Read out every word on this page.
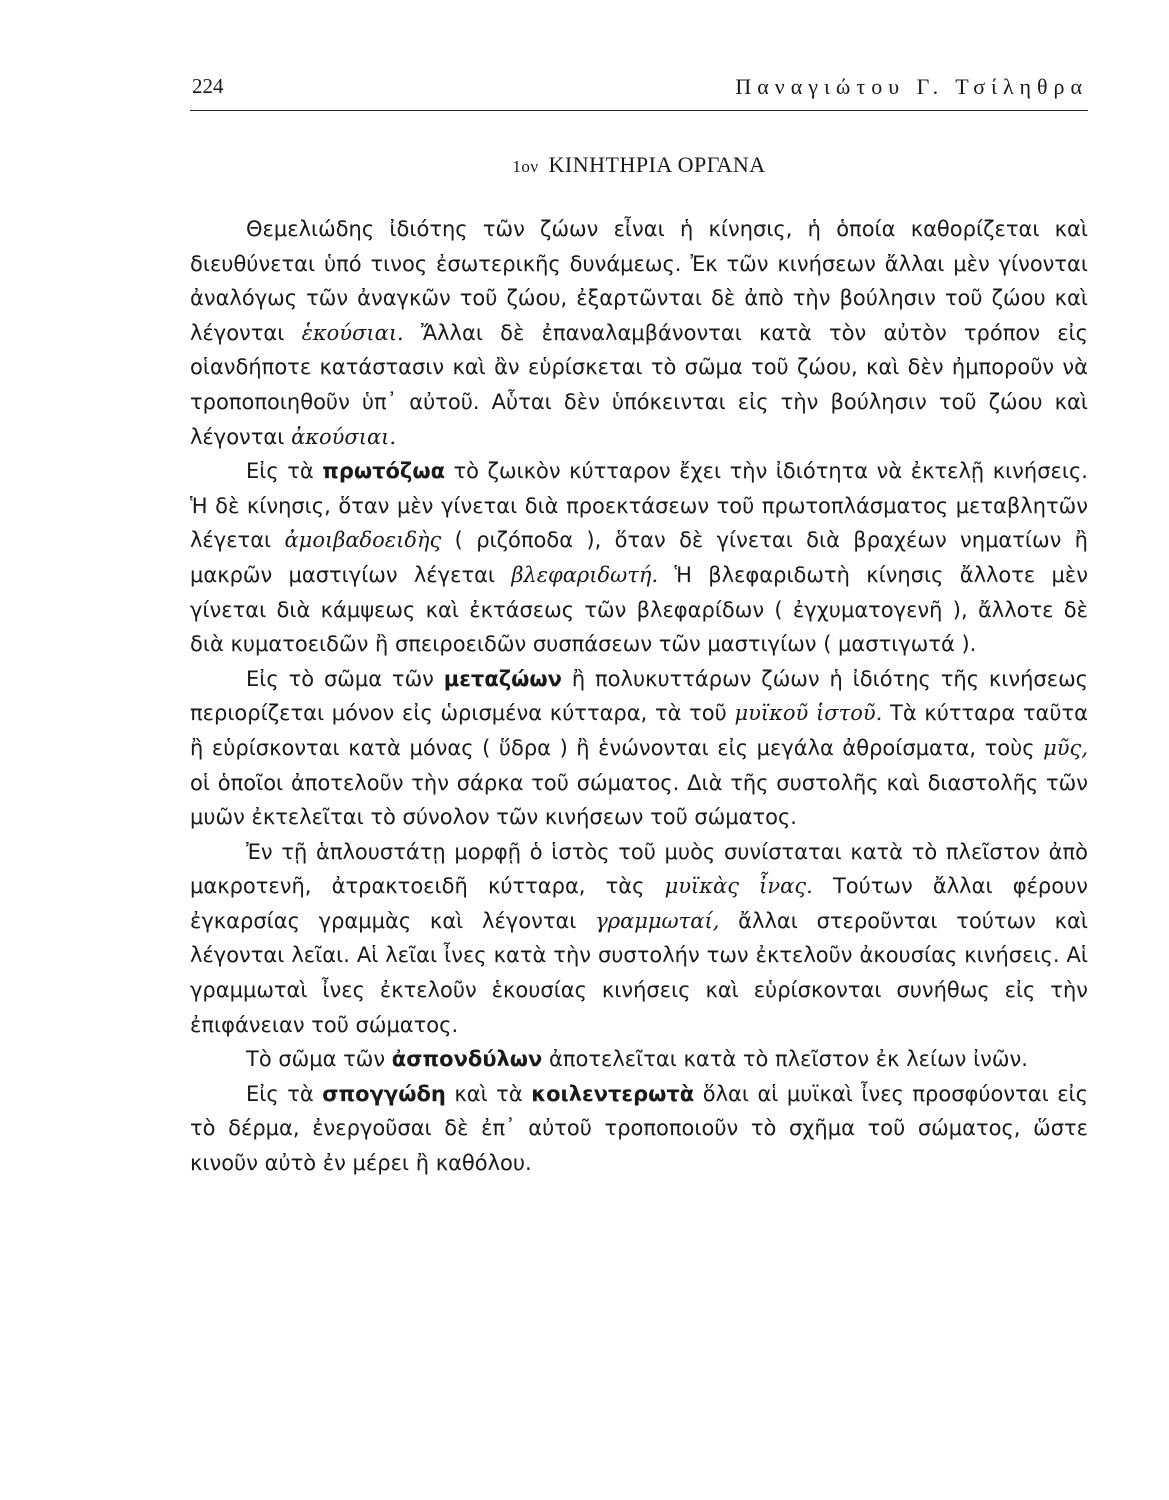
224	Παναγιώτου Γ. Τσίληθρα
1ον ΚΙΝΗΤΗΡΙΑ ΟΡΓΑΝΑ

Θεμελιώδης ἰδιότης τῶν ζώων εἶναι ἡ κίνησις, ἡ ὁποία καθορίζεται καὶ διευθύνεται ὑπό τινος ἐσωτερικῆς δυνάμεως. Ἐκ τῶν κινήσεων ἄλλαι μὲν γίνονται ἀναλόγως τῶν ἀναγκῶν τοῦ ζώου, ἐξαρτῶνται δὲ ἀπὸ τὴν βούλησιν τοῦ ζώου καὶ λέγονται ἑκούσιαι. Ἄλλαι δὲ ἐπαναλαμβάνονται κατὰ τὸν αὐτὸν τρόπον εἰς οἱανδήποτε κατάστασιν καὶ ἂν εὑρίσκεται τὸ σῶμα τοῦ ζώου, καὶ δὲν ἠμποροῦν νὰ τροποποιηθοῦν ὑπ᾽ αὐτοῦ. Αὗται δὲν ὑπόκεινται εἰς τὴν βούλησιν τοῦ ζώου καὶ λέγονται ἀκούσιαι.

Εἰς τὰ πρωτόζωα τὸ ζωικὸν κύτταρον ἔχει τὴν ἰδιότητα νὰ ἐκτελῇ κινήσεις. Ἡ δὲ κίνησις, ὅταν μὲν γίνεται διὰ προεκτάσεων τοῦ πρωτοπλάσματος μεταβλητῶν λέγεται ἀμοιβαδοειδὴς ( ριζόποδα ), ὅταν δὲ γίνεται διὰ βραχέων νηματίων ἢ μακρῶν μαστιγίων λέγεται βλεφαριδωτή. Ἡ βλεφαριδωτὴ κίνησις ἄλλοτε μὲν γίνεται διὰ κάμψεως καὶ ἐκτάσεως τῶν βλεφαρίδων ( ἐγχυματογενῆ ), ἄλλοτε δὲ διὰ κυματοειδῶν ἢ σπειροειδῶν συσπάσεων τῶν μαστιγίων ( μαστιγωτά ).

Εἰς τὸ σῶμα τῶν μεταζώων ἢ πολυκυττάρων ζώων ἡ ἰδιότης τῆς κινήσεως περιορίζεται μόνον εἰς ὡρισμένα κύτταρα, τὰ τοῦ μυϊκοῦ ἱστοῦ. Τὰ κύτταρα ταῦτα ἢ εὑρίσκονται κατὰ μόνας ( ὕδρα ) ἢ ἑνώνονται εἰς μεγάλα ἀθροίσματα, τοὺς μῦς, οἱ ὁποῖοι ἀποτελοῦν τὴν σάρκα τοῦ σώματος. Διὰ τῆς συστολῆς καὶ διαστολῆς τῶν μυῶν ἐκτελεῖται τὸ σύνολον τῶν κινήσεων τοῦ σώματος.

Ἐν τῇ ἁπλουστάτῃ μορφῇ ὁ ἱστὸς τοῦ μυὸς συνίσταται κατὰ τὸ πλεῖστον ἀπὸ μακροτενῆ, ἀτρακτοειδῆ κύτταρα, τὰς μυϊκὰς ἶνας. Τούτων ἄλλαι φέρουν ἐγκαρσίας γραμμὰς καὶ λέγονται γραμμωταί, ἄλλαι στεροῦνται τούτων καὶ λέγονται λεῖαι. Αἱ λεῖαι ἶνες κατὰ τὴν συστολήν των ἐκτελοῦν ἀκουσίας κινήσεις. Αἱ γραμμωταὶ ἶνες ἐκτελοῦν ἑκουσίας κινήσεις καὶ εὑρίσκονται συνήθως εἰς τὴν ἐπιφάνειαν τοῦ σώματος.

Τὸ σῶμα τῶν ἀσπονδύλων ἀποτελεῖται κατὰ τὸ πλεῖστον ἐκ λείων ἰνῶν.

Εἰς τὰ σπογγώδη καὶ τὰ κοιλεντερωτὰ ὅλαι αἱ μυϊκαὶ ἶνες προσφύονται εἰς τὸ δέρμα, ἐνεργοῦσαι δὲ ἐπ᾽ αὐτοῦ τροποποιοῦν τὸ σχῆμα τοῦ σώματος, ὥστε κινοῦν αὐτὸ ἐν μέρει ἢ καθόλου.
